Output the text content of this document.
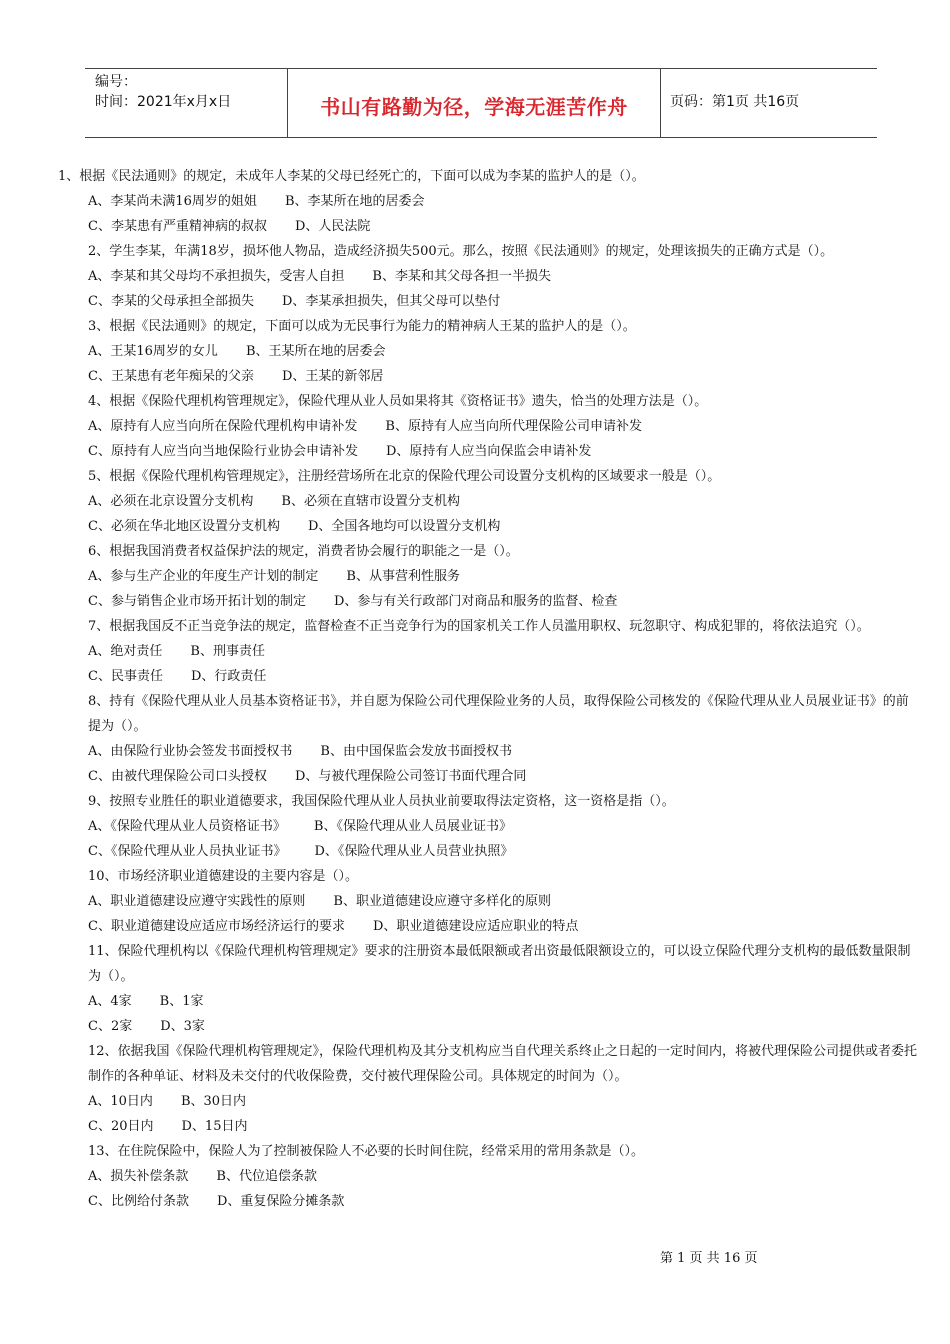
编号：
时间：2021年x月x日	书山有路勤为径，学海无涯苦作舟	页码：第1页 共16页
1、根据《民法通则》的规定，未成年人李某的父母已经死亡的，下面可以成为李某的监护人的是（）。
A、李某尚未满16周岁的姐姐 B、李某所在地的居委会
C、李某患有严重精神病的叔叔 D、人民法院
2、学生李某，年满18岁，损坏他人物品，造成经济损失500元。那么，按照《民法通则》的规定，处理该损失的正确方式是（）。
A、李某和其父母均不承担损失，受害人自担 B、李某和其父母各担一半损失
C、李某的父母承担全部损失 D、李某承担损失，但其父母可以垫付
3、根据《民法通则》的规定，下面可以成为无民事行为能力的精神病人王某的监护人的是（）。
A、王某16周岁的女儿 B、王某所在地的居委会
C、王某患有老年痴呆的父亲 D、王某的新邻居
4、根据《保险代理机构管理规定》，保险代理从业人员如果将其《资格证书》遗失，恰当的处理方法是（）。
A、原持有人应当向所在保险代理机构申请补发 B、原持有人应当向所代理保险公司申请补发
C、原持有人应当向当地保险行业协会申请补发 D、原持有人应当向保监会申请补发
5、根据《保险代理机构管理规定》，注册经营场所在北京的保险代理公司设置分支机构的区域要求一般是（）。
A、必须在北京设置分支机构 B、必须在直辖市设置分支机构
C、必须在华北地区设置分支机构 D、全国各地均可以设置分支机构
6、根据我国消费者权益保护法的规定，消费者协会履行的职能之一是（）。
A、参与生产企业的年度生产计划的制定 B、从事营利性服务
C、参与销售企业市场开拓计划的制定 D、参与有关行政部门对商品和服务的监督、检查
7、根据我国反不正当竞争法的规定，监督检查不正当竞争行为的国家机关工作人员滥用职权、玩忽职守、构成犯罪的，将依法追究（）。
A、绝对责任 B、刑事责任
C、民事责任 D、行政责任
8、持有《保险代理从业人员基本资格证书》，并自愿为保险公司代理保险业务的人员，取得保险公司核发的《保险代理从业人员展业证书》的前提为（）。
A、由保险行业协会签发书面授权书 B、由中国保监会发放书面授权书
C、由被代理保险公司口头授权 D、与被代理保险公司签订书面代理合同
9、按照专业胜任的职业道德要求，我国保险代理从业人员执业前要取得法定资格，这一资格是指（）。
A、《保险代理从业人员资格证书》 B、《保险代理从业人员展业证书》
C、《保险代理从业人员执业证书》 D、《保险代理从业人员营业执照》
10、市场经济职业道德建设的主要内容是（）。
A、职业道德建设应遵守实践性的原则 B、职业道德建设应遵守多样化的原则
C、职业道德建设应适应市场经济运行的要求 D、职业道德建设应适应职业的特点
11、保险代理机构以《保险代理机构管理规定》要求的注册资本最低限额或者出资最低限额设立的，可以设立保险代理分支机构的最低数量限制为（）。
A、4家 B、1家
C、2家 D、3家
12、依据我国《保险代理机构管理规定》，保险代理机构及其分支机构应当自代理关系终止之日起的一定时间内，将被代理保险公司提供或者委托制作的各种单证、材料及未交付的代收保险费，交付被代理保险公司。具体规定的时间为（）。
A、10日内 B、30日内
C、20日内 D、15日内
13、在住院保险中，保险人为了控制被保险人不必要的长时间住院，经常采用的常用条款是（）。
A、损失补偿条款 B、代位追偿条款
C、比例给付条款 D、重复保险分摊条款
第 1 页 共 16 页
